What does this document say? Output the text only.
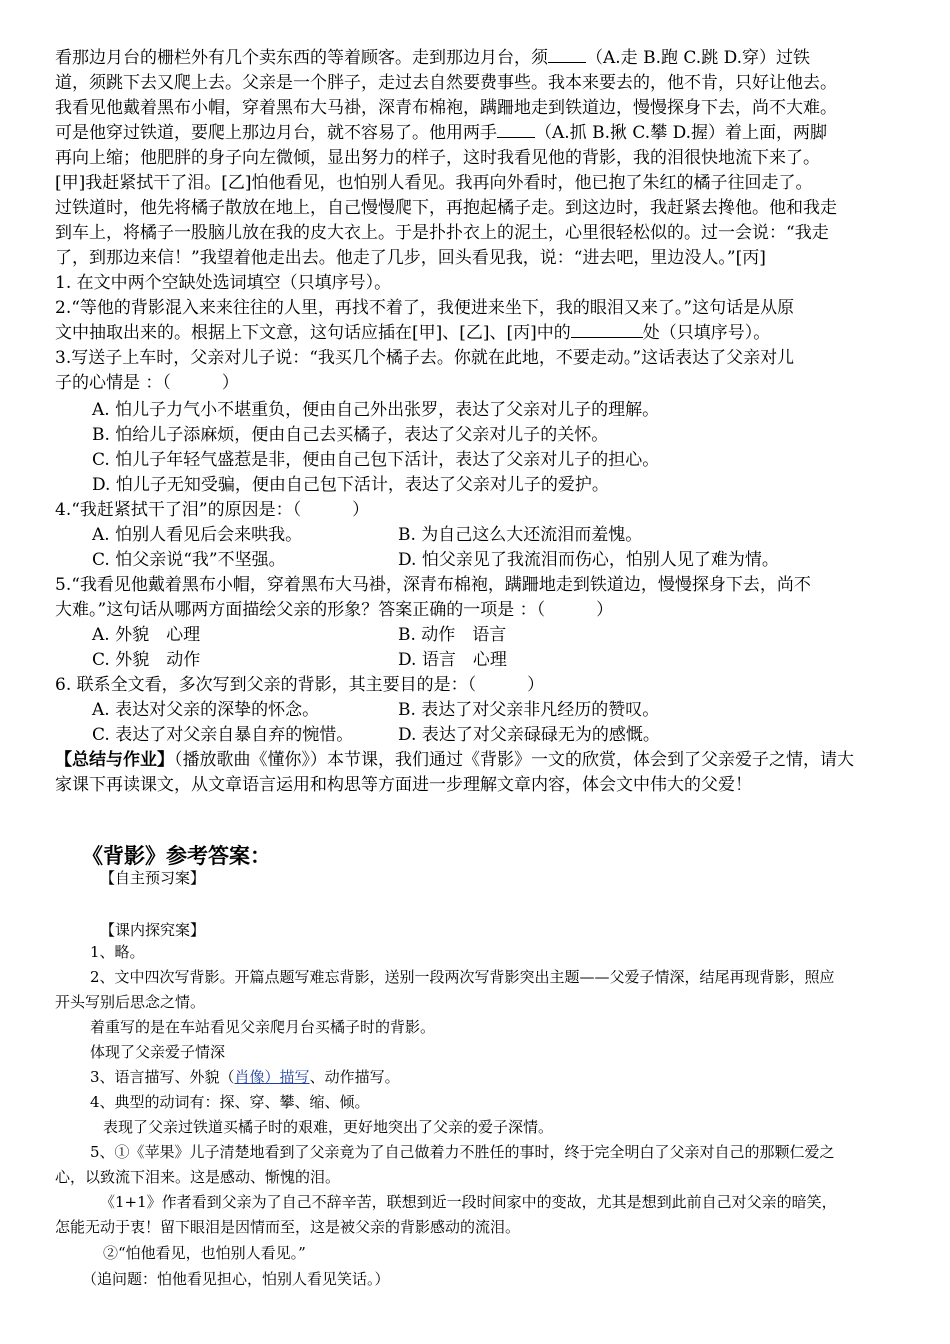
看那边月台的栅栏外有几个卖东西的等着顾客。走到那边月台，须 （A.走 B.跑 C.跳 D.穿）过铁
道，须跳下去又爬上去。父亲是一个胖子，走过去自然要费事些。我本来要去的，他不肯，只好让他去。
我看见他戴着黑布小帽，穿着黑布大马褂，深青布棉袍，蹒跚地走到铁道边，慢慢探身下去，尚不大难。
可是他穿过铁道，要爬上那边月台，就不容易了。他用两手 （A.抓 B.揪 C.攀 D.握）着上面，两脚
再向上缩；他肥胖的身子向左微倾，显出努力的样子，这时我看见他的背影，我的泪很快地流下来了。
[甲]我赶紧拭干了泪。[乙]怕他看见，也怕别人看见。我再向外看时，他已抱了朱红的橘子往回走了。
过铁道时，他先将橘子散放在地上，自己慢慢爬下，再抱起橘子走。到这边时，我赶紧去搀他。他和我走
到车上，将橘子一股脑儿放在我的皮大衣上。于是扑扑衣上的泥土，心里很轻松似的。过一会说：“我走
了，到那边来信！”我望着他走出去。他走了几步，回头看见我，说：“进去吧，里边没人。”[丙]
1. 在文中两个空缺处选词填空（只填序号）。
2.“等他的背影混入来来往往的人里，再找不着了，我便进来坐下，我的眼泪又来了。”这句话是从原
文中抽取出来的。根据上下文意，这句话应插在[甲]、[乙]、[丙]中的	处（只填序号）。
3.写送子上车时，父亲对儿子说：“我买几个橘子去。你就在此地，不要走动。”这话表达了父亲对儿
子的心情是 ：（　　　）
A. 怕儿子力气小不堪重负，便由自己外出张罗，表达了父亲对儿子的理解。
B. 怕给儿子添麻烦，便由自己去买橘子，表达了父亲对儿子的关怀。
C. 怕儿子年轻气盛惹是非，便由自己包下活计，表达了父亲对儿子的担心。
D. 怕儿子无知受骗，便由自己包下活计，表达了父亲对儿子的爱护。
4.“我赶紧拭干了泪”的原因是：（　　　）
A. 怕别人看见后会来哄我。	B. 为自己这么大还流泪而羞愧。
C. 怕父亲说“我”不坚强。	D. 怕父亲见了我流泪而伤心，怕别人见了难为情。
5.“我看见他戴着黑布小帽，穿着黑布大马褂，深青布棉袍，蹒跚地走到铁道边，慢慢探身下去，尚不
大难。”这句话从哪两方面描绘父亲的形象？答案正确的一项是 ：（　　　）
A. 外貌　心理	B. 动作　语言
C. 外貌　动作	D. 语言　心理
6. 联系全文看，多次写到父亲的背影，其主要目的是：（　　　）
A. 表达对父亲的深挚的怀念。	B. 表达了对父亲非凡经历的赞叹。
C. 表达了对父亲自暴自弃的惋惜。	D. 表达了对父亲碌碌无为的感慨。
【总结与作业】（播放歌曲《懂你》）本节课，我们通过《背影》一文的欣赏，体会到了父亲爱子之情，请大
家课下再读课文，从文章语言运用和构思等方面进一步理解文章内容，体会文中伟大的父爱！
《背影》参考答案：
【自主预习案】
【课内探究案】
1、略。
2、文中四次写背影。开篇点题写难忘背影，送别一段两次写背影突出主题——父爱子情深，结尾再现背影，照应
开头写别后思念之情。
着重写的是在车站看见父亲爬月台买橘子时的背影。
体现了父亲爱子情深
3、语言描写、外貌（肖像）描写、动作描写。
4、典型的动词有：探、穿、攀、缩、倾。
表现了父亲过铁道买橘子时的艰难，更好地突出了父亲的爱子深情。
5、①《苹果》儿子清楚地看到了父亲竟为了自己做着力不胜任的事时，终于完全明白了父亲对自己的那颗仁爱之
心，以致流下泪来。这是感动、惭愧的泪。
《1+1》作者看到父亲为了自己不辞辛苦，联想到近一段时间家中的变故，尤其是想到此前自己对父亲的暗笑，
怎能无动于衷！留下眼泪是因情而至，这是被父亲的背影感动的流泪。
②“怕他看见，也怕别人看见。”
（追问题：怕他看见担心，怕别人看见笑话。）
